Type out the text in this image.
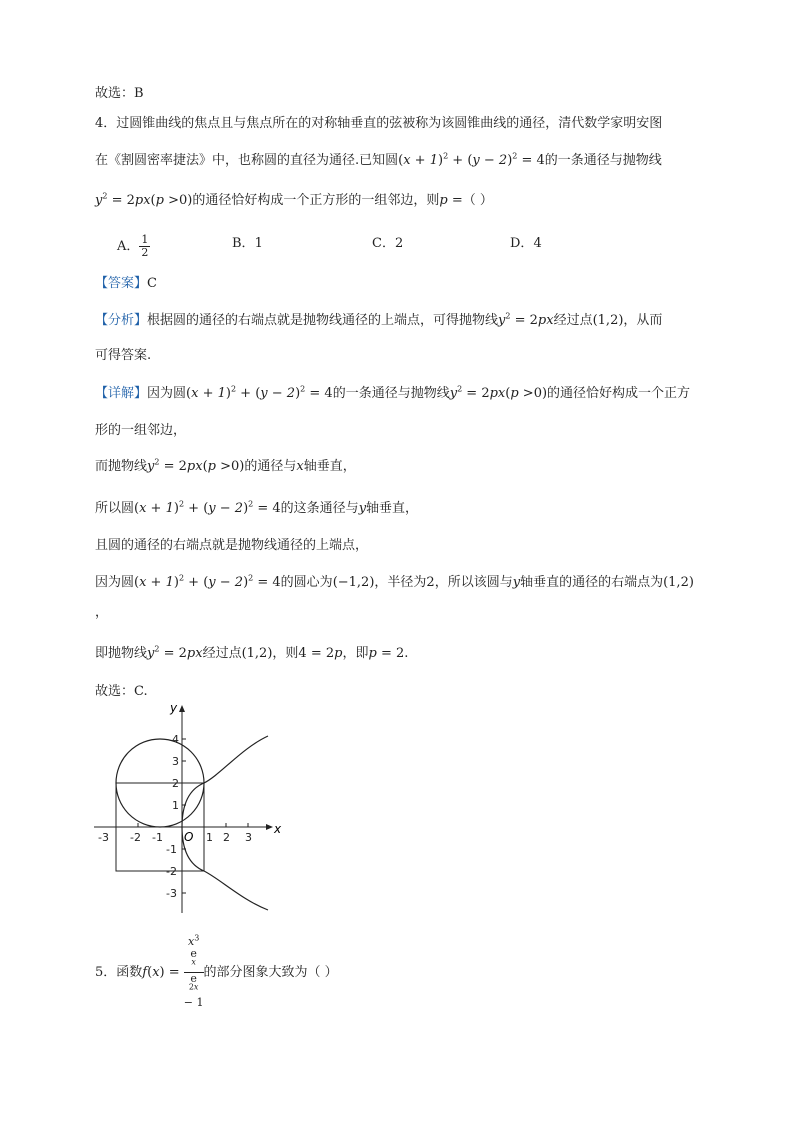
故选：B
4．过圆锥曲线的焦点且与焦点所在的对称轴垂直的弦被称为该圆锥曲线的通径，清代数学家明安图
在《割圆密率捷法》中，也称圆的直径为通径.已知圆$(x + 1)^2 + (y - 2)^2 = 4$的一条通径与抛物线
$y^2 = 2px(p >0)$的通径恰好构成一个正方形的一组邻边，则p =（ ）
A． $\frac{1}{2}$	B．1	C．2	D．4
【答案】C
【分析】根据圆的通径的右端点就是抛物线通径的上端点，可得抛物线$y^2 = 2px$经过点(1,2)，从而
可得答案.
【详解】因为圆$(x + 1)^2 + (y - 2)^2 = 4$的一条通径与抛物线$y^2 = 2px(p >0)$的通径恰好构成一个正方
形的一组邻边，
而抛物线$y^2 = 2px(p >0)$的通径与x轴垂直，
所以圆$(x + 1)^2 + (y - 2)^2 = 4$的这条通径与y轴垂直，
且圆的通径的右端点就是抛物线通径的上端点，
因为圆$(x + 1)^2 + (y - 2)^2 = 4$的圆心为(−1,2)，半径为2，所以该圆与y轴垂直的通径的右端点为(1,2)
，
即抛物线$y^2 = 2px$经过点(1,2)，则4 = 2p，即p = 2.
故选：C.
y
x
O
4
3
2
1
-1
-2
-3
-3 -2 -1	1 2 3
5．函数$f(x) = x^3$
e
$^x$
e
$^{2x}$
− 1 的部分图象大致为（ ）
